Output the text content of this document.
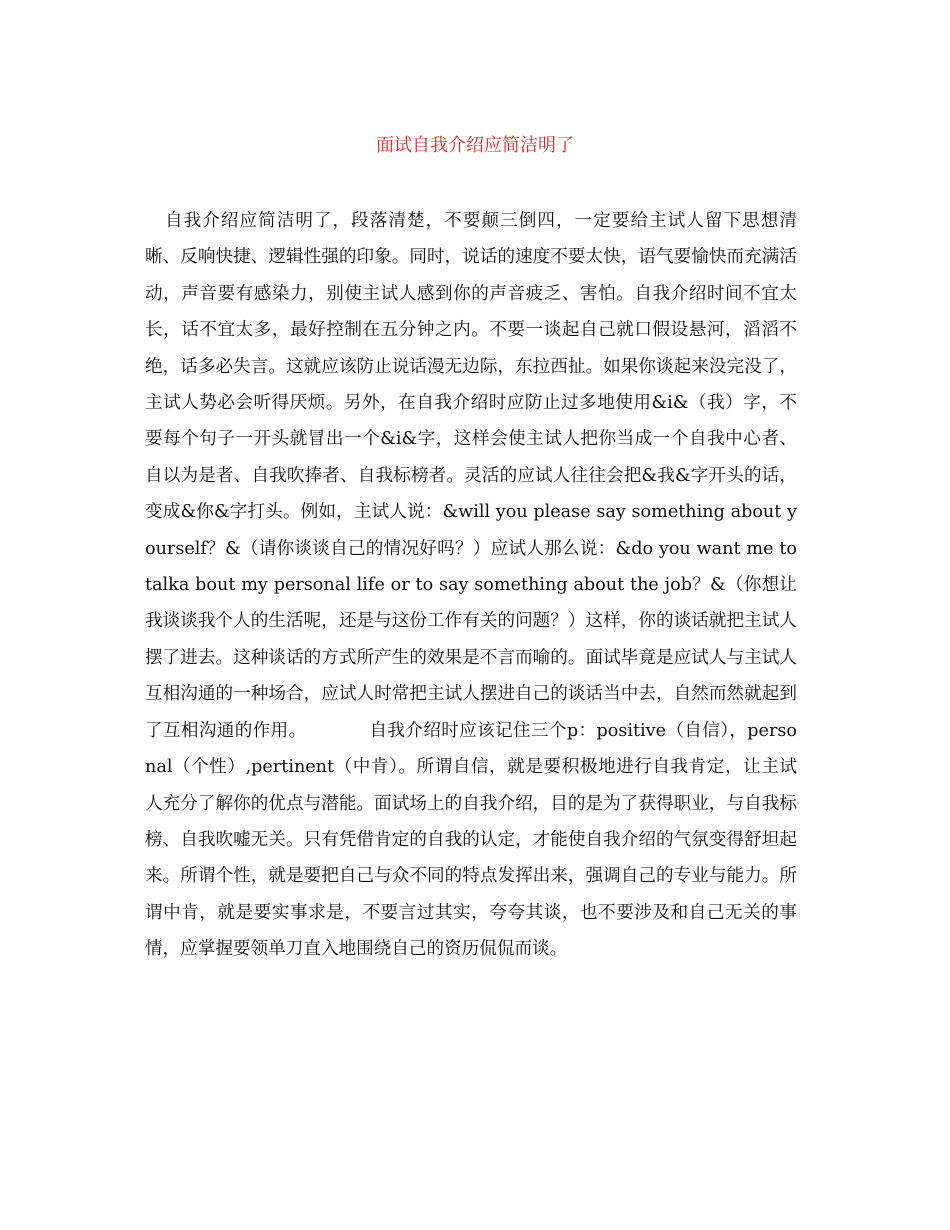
面试自我介绍应简洁明了

自我介绍应简洁明了，段落清楚，不要颠三倒四，一定要给主试人留下思想清晰、反响快捷、逻辑性强的印象。同时，说话的速度不要太快，语气要愉快而充满活动，声音要有感染力，别使主试人感到你的声音疲乏、害怕。自我介绍时间不宜太长，话不宜太多，最好控制在五分钟之内。不要一谈起自己就口假设悬河，滔滔不绝，话多必失言。这就应该防止说话漫无边际，东拉西扯。如果你谈起来没完没了，主试人势必会听得厌烦。另外，在自我介绍时应防止过多地使用&i&（我）字，不要每个句子一开头就冒出一个&i&字，这样会使主试人把你当成一个自我中心者、自以为是者、自我吹捧者、自我标榜者。灵活的应试人往往会把&我&字开头的话，变成&你&字打头。例如，主试人说：&will you please say something about yourself？&（请你谈谈自己的情况好吗？）应试人那么说：&do you want me to talka bout my personal life or to say something about the job？&（你想让我谈谈我个人的生活呢，还是与这份工作有关的问题？）这样，你的谈话就把主试人摆了进去。这种谈话的方式所产生的效果是不言而喻的。面试毕竟是应试人与主试人互相沟通的一种场合，应试人时常把主试人摆进自己的谈话当中去，自然而然就起到了互相沟通的作用。　　　　自我介绍时应该记住三个p：positive（自信），personal（个性）,pertinent（中肯）。所谓自信，就是要积极地进行自我肯定，让主试人充分了解你的优点与潜能。面试场上的自我介绍，目的是为了获得职业，与自我标榜、自我吹嘘无关。只有凭借肯定的自我的认定，才能使自我介绍的气氛变得舒坦起来。所谓个性，就是要把自己与众不同的特点发挥出来，强调自己的专业与能力。所谓中肯，就是要实事求是，不要言过其实，夸夸其谈，也不要涉及和自己无关的事情，应掌握要领单刀直入地围绕自己的资历侃侃而谈。
